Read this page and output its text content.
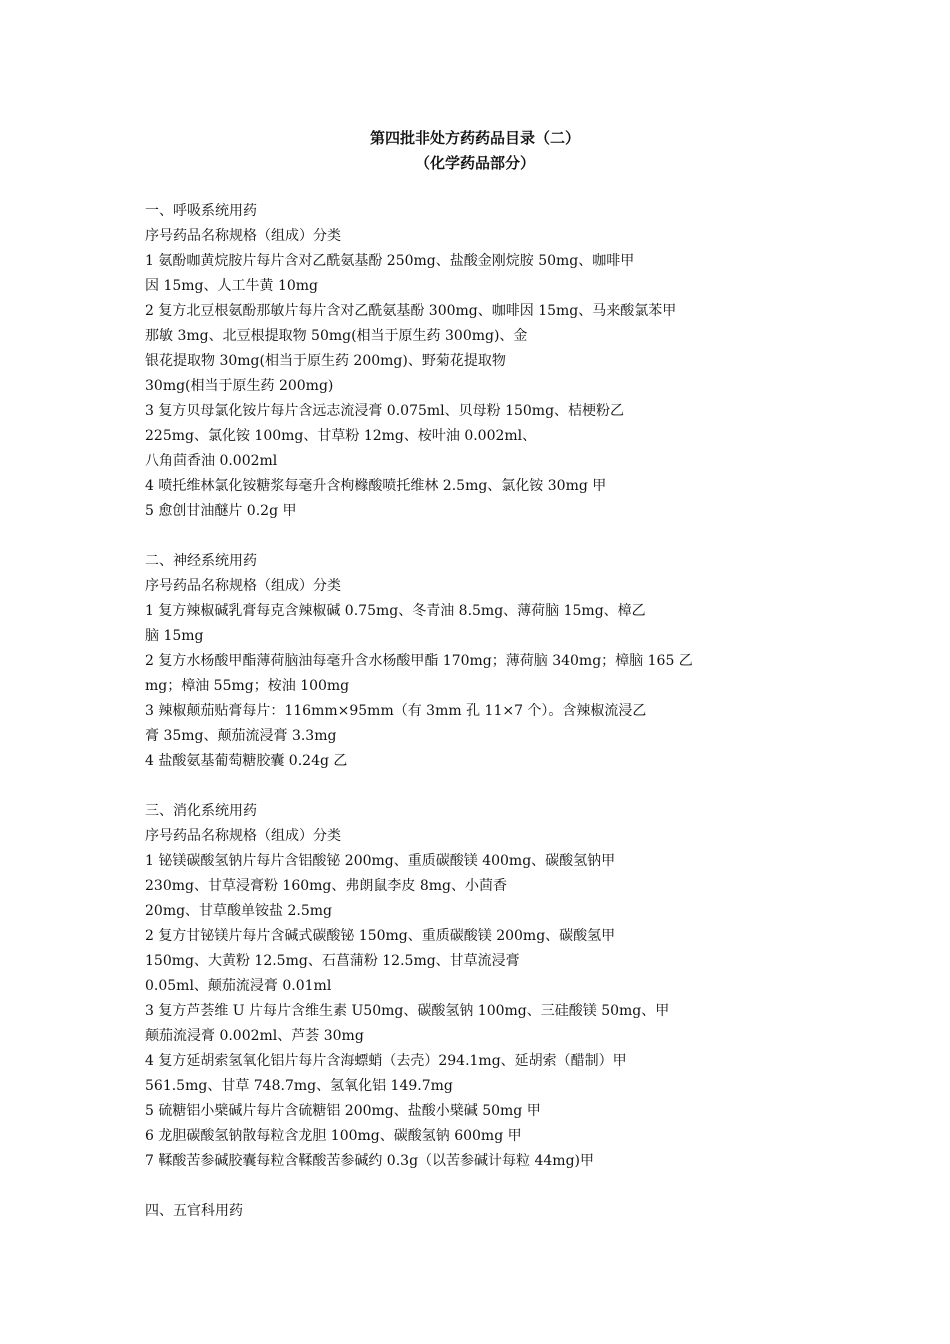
第四批非处方药药品目录（二）
（化学药品部分）
一、呼吸系统用药
序号药品名称规格（组成）分类
1 氨酚咖黄烷胺片每片含对乙酰氨基酚 250mg、盐酸金刚烷胺 50mg、咖啡甲
因 15mg、人工牛黄 10mg
2 复方北豆根氨酚那敏片每片含对乙酰氨基酚 300mg、咖啡因 15mg、马来酸氯苯甲
那敏 3mg、北豆根提取物 50mg(相当于原生药 300mg)、金
银花提取物 30mg(相当于原生药 200mg)、野菊花提取物
30mg(相当于原生药 200mg)
3 复方贝母氯化铵片每片含远志流浸膏 0.075ml、贝母粉 150mg、桔梗粉乙
225mg、氯化铵 100mg、甘草粉 12mg、桉叶油 0.002ml、
八角茴香油 0.002ml
4 喷托维林氯化铵糖浆每毫升含枸橼酸喷托维林 2.5mg、氯化铵 30mg 甲
5 愈创甘油醚片 0.2g 甲
二、神经系统用药
序号药品名称规格（组成）分类
1 复方辣椒碱乳膏每克含辣椒碱 0.75mg、冬青油 8.5mg、薄荷脑 15mg、樟乙
脑 15mg
2 复方水杨酸甲酯薄荷脑油每毫升含水杨酸甲酯 170mg；薄荷脑 340mg；樟脑 165 乙
mg；樟油 55mg；桉油 100mg
3 辣椒颠茄贴膏每片：116mm×95mm（有 3mm 孔 11×7 个）。含辣椒流浸乙
膏 35mg、颠茄流浸膏 3.3mg
4 盐酸氨基葡萄糖胶囊 0.24g 乙
三、消化系统用药
序号药品名称规格（组成）分类
1 铋镁碳酸氢钠片每片含铝酸铋 200mg、重质碳酸镁 400mg、碳酸氢钠甲
230mg、甘草浸膏粉 160mg、弗朗鼠李皮 8mg、小茴香
20mg、甘草酸单铵盐 2.5mg
2 复方甘铋镁片每片含碱式碳酸铋 150mg、重质碳酸镁 200mg、碳酸氢甲
150mg、大黄粉 12.5mg、石菖蒲粉 12.5mg、甘草流浸膏
0.05ml、颠茄流浸膏 0.01ml
3 复方芦荟维 U 片每片含维生素 U50mg、碳酸氢钠 100mg、三硅酸镁 50mg、甲
颠茄流浸膏 0.002ml、芦荟 30mg
4 复方延胡索氢氧化铝片每片含海螵蛸（去壳）294.1mg、延胡索（醋制）甲
561.5mg、甘草 748.7mg、氢氧化铝 149.7mg
5 硫糖铝小檗碱片每片含硫糖铝 200mg、盐酸小檗碱 50mg 甲
6 龙胆碳酸氢钠散每粒含龙胆 100mg、碳酸氢钠 600mg 甲
7 鞣酸苦参碱胶囊每粒含鞣酸苦参碱约 0.3g（以苦参碱计每粒 44mg)甲
四、五官科用药
